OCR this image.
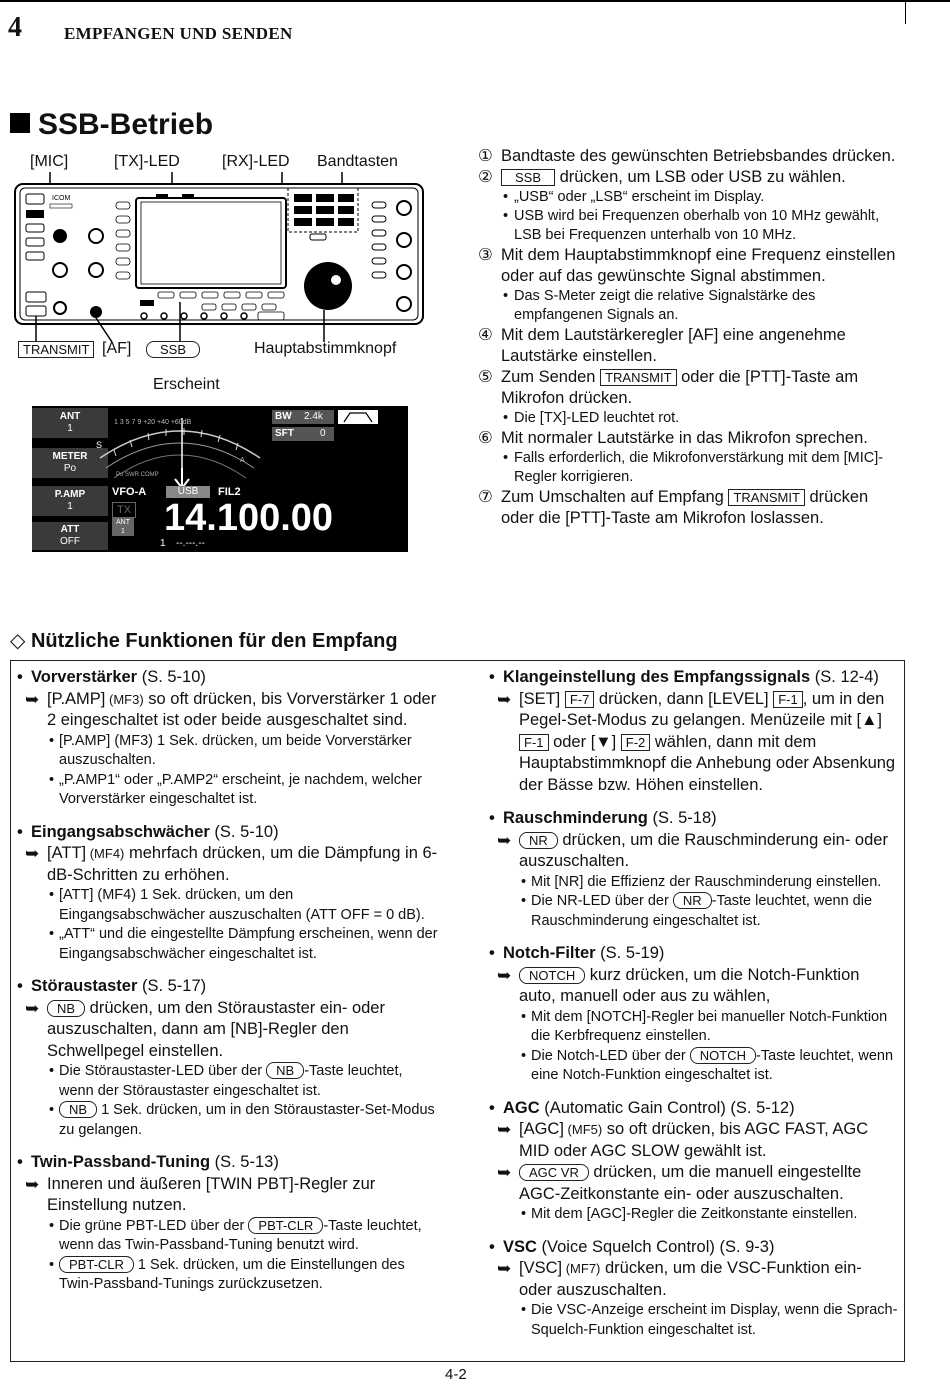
4 EMPFANGEN UND SENDEN
SSB-Betrieb
[MIC]	[TX]-LED	[RX]-LED Bandtasten
ICOM
TRANSMIT [AF]	SSB	Hauptabstimmknopf
Erscheint
ANT
1
METER
Po
P.AMP
1
ATT
OFF
S
1 3 5 7 9 +20 +40 +60dB
Po SWR COMP
A
BW 2.4k
SFT	0
VFO-A	USB	FIL2
TX
ANT
1 14.100.00
1 --.---.--
① Bandtaste des gewünschten Betriebsbandes drücken.
② SSB drücken, um LSB oder USB zu wählen.
• „USB“ oder „LSB“ erscheint im Display.
• USB wird bei Frequenzen oberhalb von 10 MHz gewählt, LSB bei Frequenzen unterhalb von 10 MHz.
③ Mit dem Hauptabstimmknopf eine Frequenz einstellen oder auf das gewünschte Signal abstimmen.
• Das S-Meter zeigt die relative Signalstärke des empfangenen Signals an.
④ Mit dem Lautstärkeregler [AF] eine angenehme Lautstärke einstellen.
⑤ Zum Senden TRANSMIT oder die [PTT]-Taste am Mikrofon drücken.
• Die [TX]-LED leuchtet rot.
⑥ Mit normaler Lautstärke in das Mikrofon sprechen.
• Falls erforderlich, die Mikrofonverstärkung mit dem [MIC]-Regler korrigieren.
⑦ Zum Umschalten auf Empfang TRANSMIT drücken oder die [PTT]-Taste am Mikrofon loslassen.
◇ Nützliche Funktionen für den Empfang
• Vorverstärker (S. 5-10)
➥ [P.AMP] (MF3) so oft drücken, bis Vorverstärker 1 oder 2 eingeschaltet ist oder beide ausgeschaltet sind.
• [P.AMP] (MF3) 1 Sek. drücken, um beide Vorverstärker auszuschalten.
• „P.AMP1“ oder „P.AMP2“ erscheint, je nachdem, welcher Vorverstärker eingeschaltet ist.
• Eingangsabschwächer (S. 5-10)
➥ [ATT] (MF4) mehrfach drücken, um die Dämpfung in 6-dB-Schritten zu erhöhen.
• [ATT] (MF4) 1 Sek. drücken, um den Eingangsabschwächer auszuschalten (ATT OFF = 0 dB).
• „ATT“ und die eingestellte Dämpfung erscheinen, wenn der Eingangsabschwächer eingeschaltet ist.
• Störaustaster (S. 5-17)
➥ NB drücken, um den Störaustaster ein- oder auszuschalten, dann am [NB]-Regler den Schwellpegel einstellen.
• Die Störaustaster-LED über der NB -Taste leuchtet, wenn der Störaustaster eingeschaltet ist.
• NB 1 Sek. drücken, um in den Störaustaster-Set-Modus zu gelangen.
• Twin-Passband-Tuning (S. 5-13)
➥ Inneren und äußeren [TWIN PBT]-Regler zur Einstellung nutzen.
• Die grüne PBT-LED über der PBT-CLR -Taste leuchtet, wenn das Twin-Passband-Tuning benutzt wird.
• PBT-CLR 1 Sek. drücken, um die Einstellungen des Twin-Passband-Tunings zurückzusetzen.
• Klangeinstellung des Empfangssignals (S. 12-4)
➥ [SET] F-7 drücken, dann [LEVEL] F-1 , um in den Pegel-Set-Modus zu gelangen. Menüzeile mit [▲] F-1 oder [▼] F-2 wählen, dann mit dem Hauptabstimmknopf die Anhebung oder Absenkung der Bässe bzw. Höhen einstellen.
• Rauschminderung (S. 5-18)
➥ NR drücken, um die Rauschminderung ein- oder auszuschalten.
• Mit [NR] die Effizienz der Rauschminderung einstellen.
• Die NR-LED über der NR -Taste leuchtet, wenn die Rauschminderung eingeschaltet ist.
• Notch-Filter (S. 5-19)
➥ NOTCH kurz drücken, um die Notch-Funktion auto, manuell oder aus zu wählen,
• Mit dem [NOTCH]-Regler bei manueller Notch-Funktion die Kerbfrequenz einstellen.
• Die Notch-LED über der NOTCH -Taste leuchtet, wenn eine Notch-Funktion eingeschaltet ist.
• AGC (Automatic Gain Control) (S. 5-12)
➥ [AGC] (MF5) so oft drücken, bis AGC FAST, AGC MID oder AGC SLOW gewählt ist.
➥ AGC VR drücken, um die manuell eingestellte AGC-Zeitkonstante ein- oder auszuschalten.
• Mit dem [AGC]-Regler die Zeitkonstante einstellen.
• VSC (Voice Squelch Control) (S. 9-3)
➥ [VSC] (MF7) drücken, um die VSC-Funktion ein- oder auszuschalten.
• Die VSC-Anzeige erscheint im Display, wenn die Sprach-Squelch-Funktion eingeschaltet ist.
4-2
